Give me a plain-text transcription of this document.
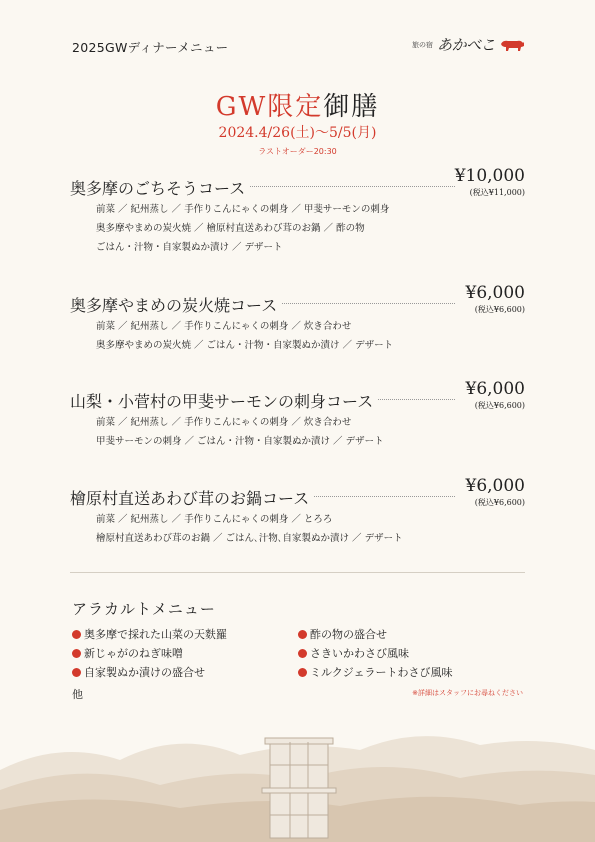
2025GWディナーメニュー	旅の宿 あかべこ
GW限定御膳
2024.4/26(土)～5/5(月)
ラストオーダー20:30
奥多摩のごちそうコース
¥10,000
(税込¥11,000)
前菜 ／ 紀州蒸し ／ 手作りこんにゃくの刺身 ／ 甲斐サーモンの刺身
奥多摩やまめの炭火焼 ／ 檜原村直送あわび茸のお鍋 ／ 酢の物
ごはん・汁物・自家製ぬか漬け ／ デザート
奥多摩やまめの炭火焼コース
¥6,000
(税込¥6,600)
前菜 ／ 紀州蒸し ／ 手作りこんにゃくの刺身 ／ 炊き合わせ
奥多摩やまめの炭火焼 ／ ごはん・汁物・自家製ぬか漬け ／ デザート
山梨・小菅村の甲斐サーモンの刺身コース
¥6,000
(税込¥6,600)
前菜 ／ 紀州蒸し ／ 手作りこんにゃくの刺身 ／ 炊き合わせ
甲斐サーモンの刺身 ／ ごはん・汁物・自家製ぬか漬け ／ デザート
檜原村直送あわび茸のお鍋コース
¥6,000
(税込¥6,600)
前菜 ／ 紀州蒸し ／ 手作りこんにゃくの刺身 ／ とろろ
檜原村直送あわび茸のお鍋 ／ ごはん､汁物､自家製ぬか漬け ／ デザート
アラカルトメニュー
奥多摩で採れた山菜の天麩羅
新じゃがのねぎ味噌
自家製ぬか漬けの盛合せ
酢の物の盛合せ
さきいかわさび風味
ミルクジェラートわさび風味
他	※詳細はスタッフにお尋ねください
